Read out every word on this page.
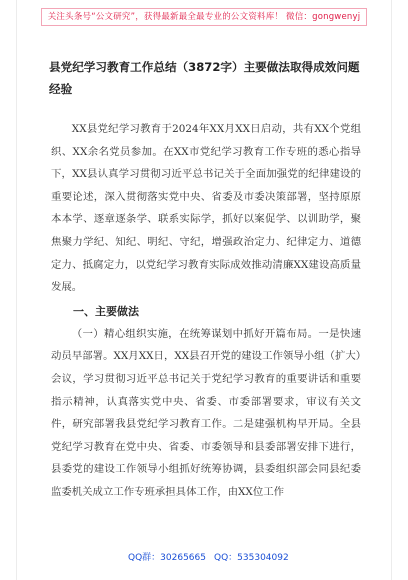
关注头条号“公文研究”，获得最新最全最专业的公文资料库！ 微信：gongwenyj
县党纪学习教育工作总结（3872字）主要做法取得成效问题经验

XX县党纪学习教育于2024年XX月XX日启动，共有XX个党组织、XX余名党员参加。在XX市党纪学习教育工作专班的悉心指导下，XX县认真学习贯彻习近平总书记关于全面加强党的纪律建设的重要论述，深入贯彻落实党中央、省委及市委决策部署，坚持原原本本学、逐章逐条学、联系实际学，抓好以案促学、以训助学，聚焦聚力学纪、知纪、明纪、守纪，增强政治定力、纪律定力、道德定力、抵腐定力，以党纪学习教育实际成效推动清廉XX建设高质量发展。

一、主要做法

（一）精心组织实施，在统筹谋划中抓好开篇布局。一是快速动员早部署。XX月XX日，XX县召开党的建设工作领导小组（扩大）会议，学习贯彻习近平总书记关于党纪学习教育的重要讲话和重要指示精神，认真落实党中央、省委、市委部署要求，审议有关文件，研究部署我县党纪学习教育工作。二是建强机构早开局。全县党纪学习教育在党中央、省委、市委领导和县委部署安排下进行，县委党的建设工作领导小组抓好统筹协调，县委组织部会同县纪委监委机关成立工作专班承担具体工作，由XX位工作

QQ群：30265665 QQ：535304092
